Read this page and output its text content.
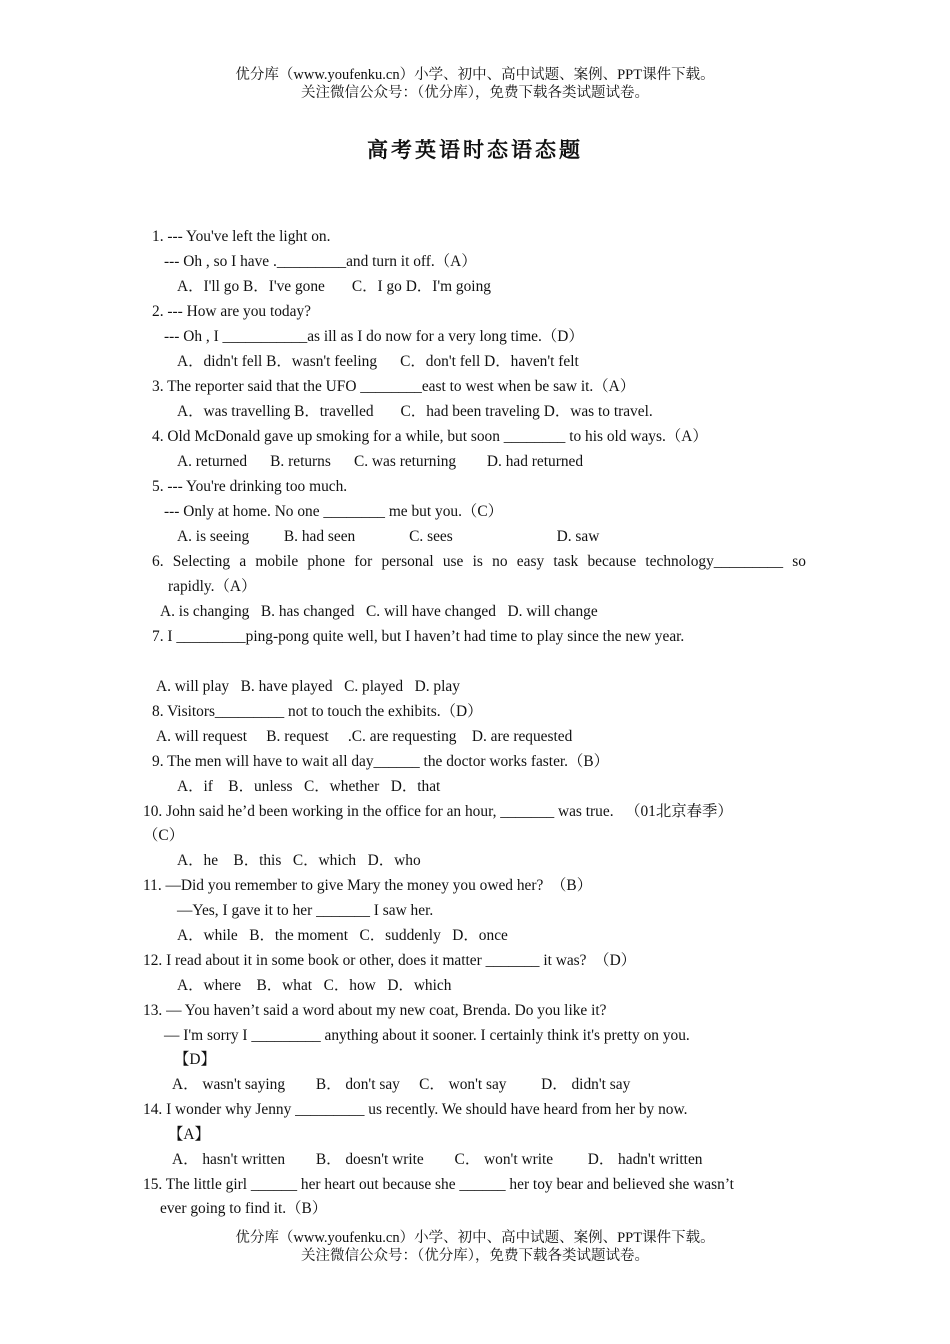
优分库（www.youfenku.cn）小学、初中、高中试题、案例、PPT课件下载。
关注微信公众号：（优分库），免费下载各类试题试卷。
高考英语时态语态题
1. --- You've left the light on.
--- Oh , so I have ._________and turn it off.（A）
A．I'll go B．I've gone       C．I go D．I'm going
2. --- How are you today?
--- Oh , I ___________as ill as I do now for a very long time.（D）
A．didn't fell B．wasn't feeling      C．don't fell D．haven't felt
3. The reporter said that the UFO ________east to west when be saw it.（A）
A．was travelling B．travelled       C．had been traveling D．was to travel.
4. Old McDonald gave up smoking for a while, but soon ________ to his old ways.（A）
A. returned      B. returns      C. was returning        D. had returned
5. --- You're drinking too much.
--- Only at home. No one ________ me but you.（C）
A. is seeing         B. had seen              C. sees                           D. saw
6. Selecting a mobile phone for personal use is no easy task because technology_________ so
rapidly.（A）
A. is changing   B. has changed   C. will have changed   D. will change
7. I _________ping-pong quite well, but I haven’t had time to play since the new year.
A. will play   B. have played   C. played   D. play
8. Visitors_________ not to touch the exhibits.（D）
A. will request     B. request     .C. are requesting    D. are requested
9. The men will have to wait all day______ the doctor works faster.（B）
A．if    B．unless   C．whether   D．that
10. John said he’d been working in the office for an hour, _______ was true.   （01北京春季）
（C）
A．he    B．this   C．which   D．who
11. —Did you remember to give Mary the money you owed her?  （B）
—Yes, I gave it to her _______ I saw her.
A．while   B．the moment   C．suddenly   D．once
12. I read about it in some book or other, does it matter _______ it was?  （D）
A．where    B．what   C．how   D．which
13. — You haven’t said a word about my new coat, Brenda. Do you like it?
— I'm sorry I _________ anything about it sooner. I certainly think it's pretty on you.
【D】
A． wasn't saying        B． don't say     C． won't say         D． didn't say
14. I wonder why Jenny _________ us recently. We should have heard from her by now.
【A】
A． hasn't written        B． doesn't write        C． won't write         D． hadn't written
15. The little girl ______ her heart out because she ______ her toy bear and believed she wasn’t
ever going to find it.（B）
优分库（www.youfenku.cn）小学、初中、高中试题、案例、PPT课件下载。
关注微信公众号：（优分库），免费下载各类试题试卷。
